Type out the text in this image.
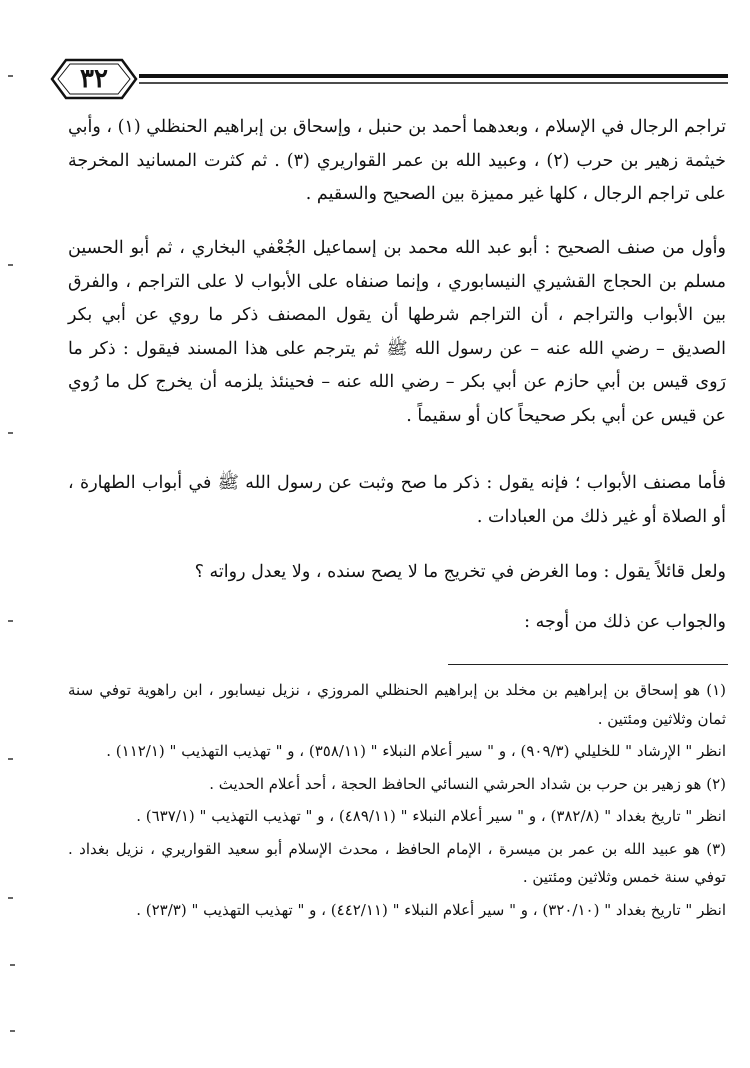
٣٢

تراجم الرجال في الإسلام ، وبعدهما أحمد بن حنبل ، وإسحاق بن إبراهيم الحنظلي (١) ، وأبي خيثمة زهير بن حرب (٢) ، وعبيد الله بن عمر القواريري (٣) . ثم كثرت المسانيد المخرجة على تراجم الرجال ، كلها غير مميزة بين الصحيح والسقيم .

وأول من صنف الصحيح : أبو عبد الله محمد بن إسماعيل الجُعْفي البخاري ، ثم أبو الحسين مسلم بن الحجاج القشيري النيسابوري ، وإنما صنفاه على الأبواب لا على التراجم ، والفرق بين الأبواب والتراجم ، أن التراجم شرطها أن يقول المصنف ذكر ما روي عن أبي بكر الصديق – رضي الله عنه – عن رسول الله ﷺ ثم يترجم على هذا المسند فيقول : ذكر ما رَوى قيس بن أبي حازم عن أبي بكر – رضي الله عنه – فحينئذ يلزمه أن يخرج كل ما رُوي عن قيس عن أبي بكر صحيحاً كان أو سقيماً .

فأما مصنف الأبواب ؛ فإنه يقول : ذكر ما صح وثبت عن رسول الله ﷺ في أبواب الطهارة ، أو الصلاة أو غير ذلك من العبادات .

ولعل قائلاً يقول : وما الغرض في تخريج ما لا يصح سنده ، ولا يعدل رواته ؟

والجواب عن ذلك من أوجه :

(١) هو إسحاق بن إبراهيم بن مخلد بن إبراهيم الحنظلي المروزي ، نزيل نيسابور ، ابن راهوية توفي سنة ثمان وثلاثين ومئتين .

انظر " الإرشاد " للخليلي (٩٠٩/٣) ، و " سير أعلام النبلاء " (٣٥٨/١١) ، و " تهذيب التهذيب " (١١٢/١) .

(٢) هو زهير بن حرب بن شداد الحرشي النسائي الحافظ الحجة ، أحد أعلام الحديث .

انظر " تاريخ بغداد " (٣٨٢/٨) ، و " سير أعلام النبلاء " (٤٨٩/١١) ، و " تهذيب التهذيب " (٦٣٧/١) .

(٣) هو عبيد الله بن عمر بن ميسرة ، الإمام الحافظ ، محدث الإسلام أبو سعيد القواريري ، نزيل بغداد . توفي سنة خمس وثلاثين ومئتين .

انظر " تاريخ بغداد " (٣٢٠/١٠) ، و " سير أعلام النبلاء " (٤٤٢/١١) ، و " تهذيب التهذيب " (٢٣/٣) .
